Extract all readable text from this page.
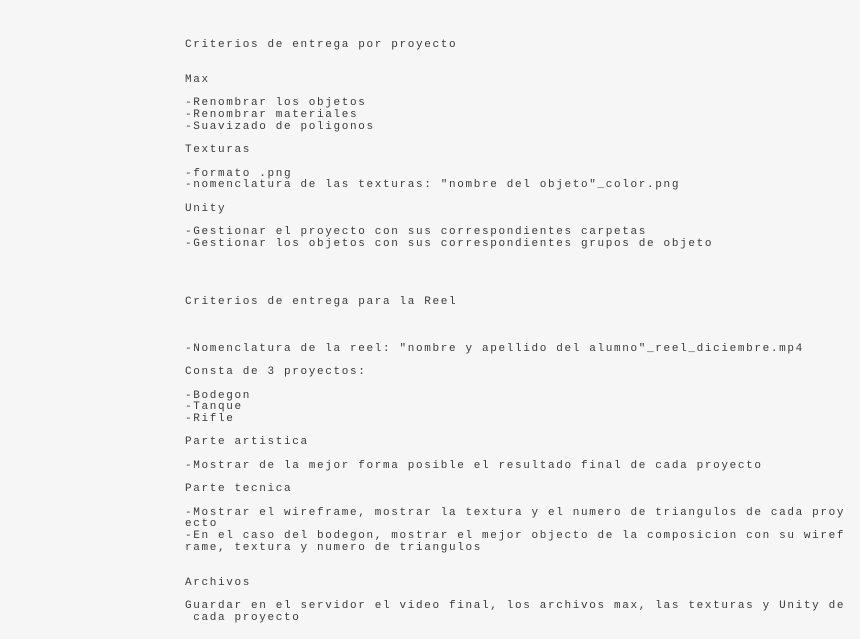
Criterios de entrega por proyecto
Max
-Renombrar los objetos
-Renombrar materiales
-Suavizado de poligonos
Texturas
-formato .png
-nomenclatura de las texturas: "nombre del objeto"_color.png
Unity
-Gestionar el proyecto con sus correspondientes carpetas
-Gestionar los objetos con sus correspondientes grupos de objeto
Criterios de entrega para la Reel
-Nomenclatura de la reel: "nombre y apellido del alumno"_reel_diciembre.mp4
Consta de 3 proyectos:
-Bodegon
-Tanque
-Rifle
Parte artistica
-Mostrar de la mejor forma posible el resultado final de cada proyecto
Parte tecnica
-Mostrar el wireframe, mostrar la textura y el numero de triangulos de cada proy
ecto
-En el caso del bodegon, mostrar el mejor objecto de la composicion con su wiref
rame, textura y numero de triangulos
Archivos
Guardar en el servidor el video final, los archivos max, las texturas y Unity de
cada proyecto
